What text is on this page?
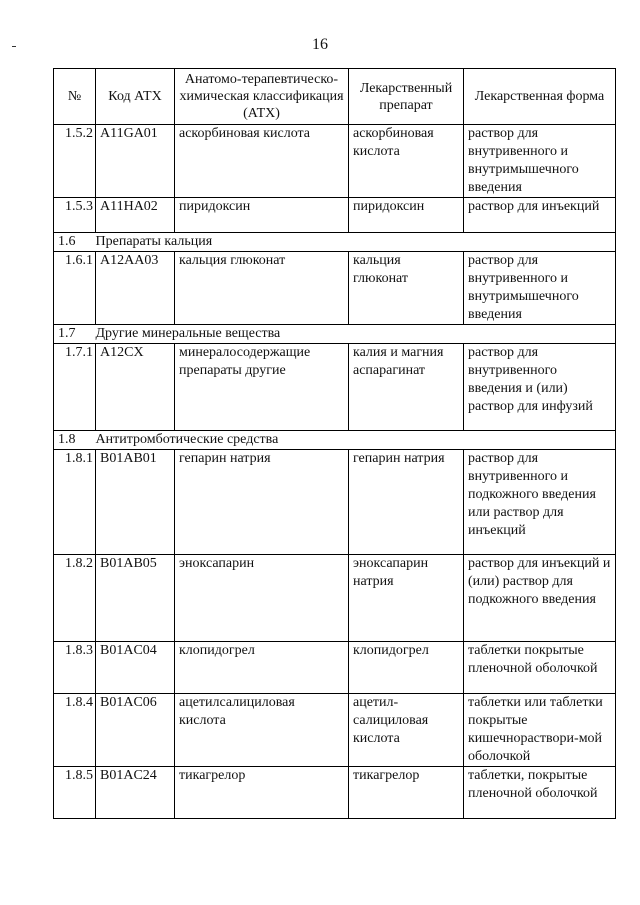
16
№	Код АТХ	Анатомо-терапевтическо-химическая классификация (АТХ)	Лекарственный препарат	Лекарственная форма
1.5.2	A11GA01	аскорбиновая кислота	аскорбиновая кислота	раствор для внутривенного и внутримышечного введения
1.5.3	A11HA02	пиридоксин	пиридоксин	раствор для инъекций
1.6	Препараты кальция			
1.6.1	A12AA03	кальция глюконат	кальция глюконат	раствор для внутривенного и внутримышечного введения
1.7	Другие минеральные вещества			
1.7.1	A12CX	минералосодержащие препараты другие	калия и магния аспарагинат	раствор для внутривенного введения и (или) раствор для инфузий
1.8	Антитромботические средства			
1.8.1	B01AB01	гепарин натрия	гепарин натрия	раствор для внутривенного и подкожного введения или раствор для инъекций
1.8.2	B01AB05	эноксапарин	эноксапарин натрия	раствор для инъекций и (или) раствор для подкожного введения
1.8.3	B01AC04	клопидогрел	клопидогрел	таблетки покрытые пленочной оболочкой
1.8.4	B01AC06	ацетилсалициловая кислота	ацетил-салициловая кислота	таблетки или таблетки покрытые кишечнораствори-мой оболочкой
1.8.5	B01AC24	тикагрелор	тикагрелор	таблетки, покрытые пленочной оболочкой
